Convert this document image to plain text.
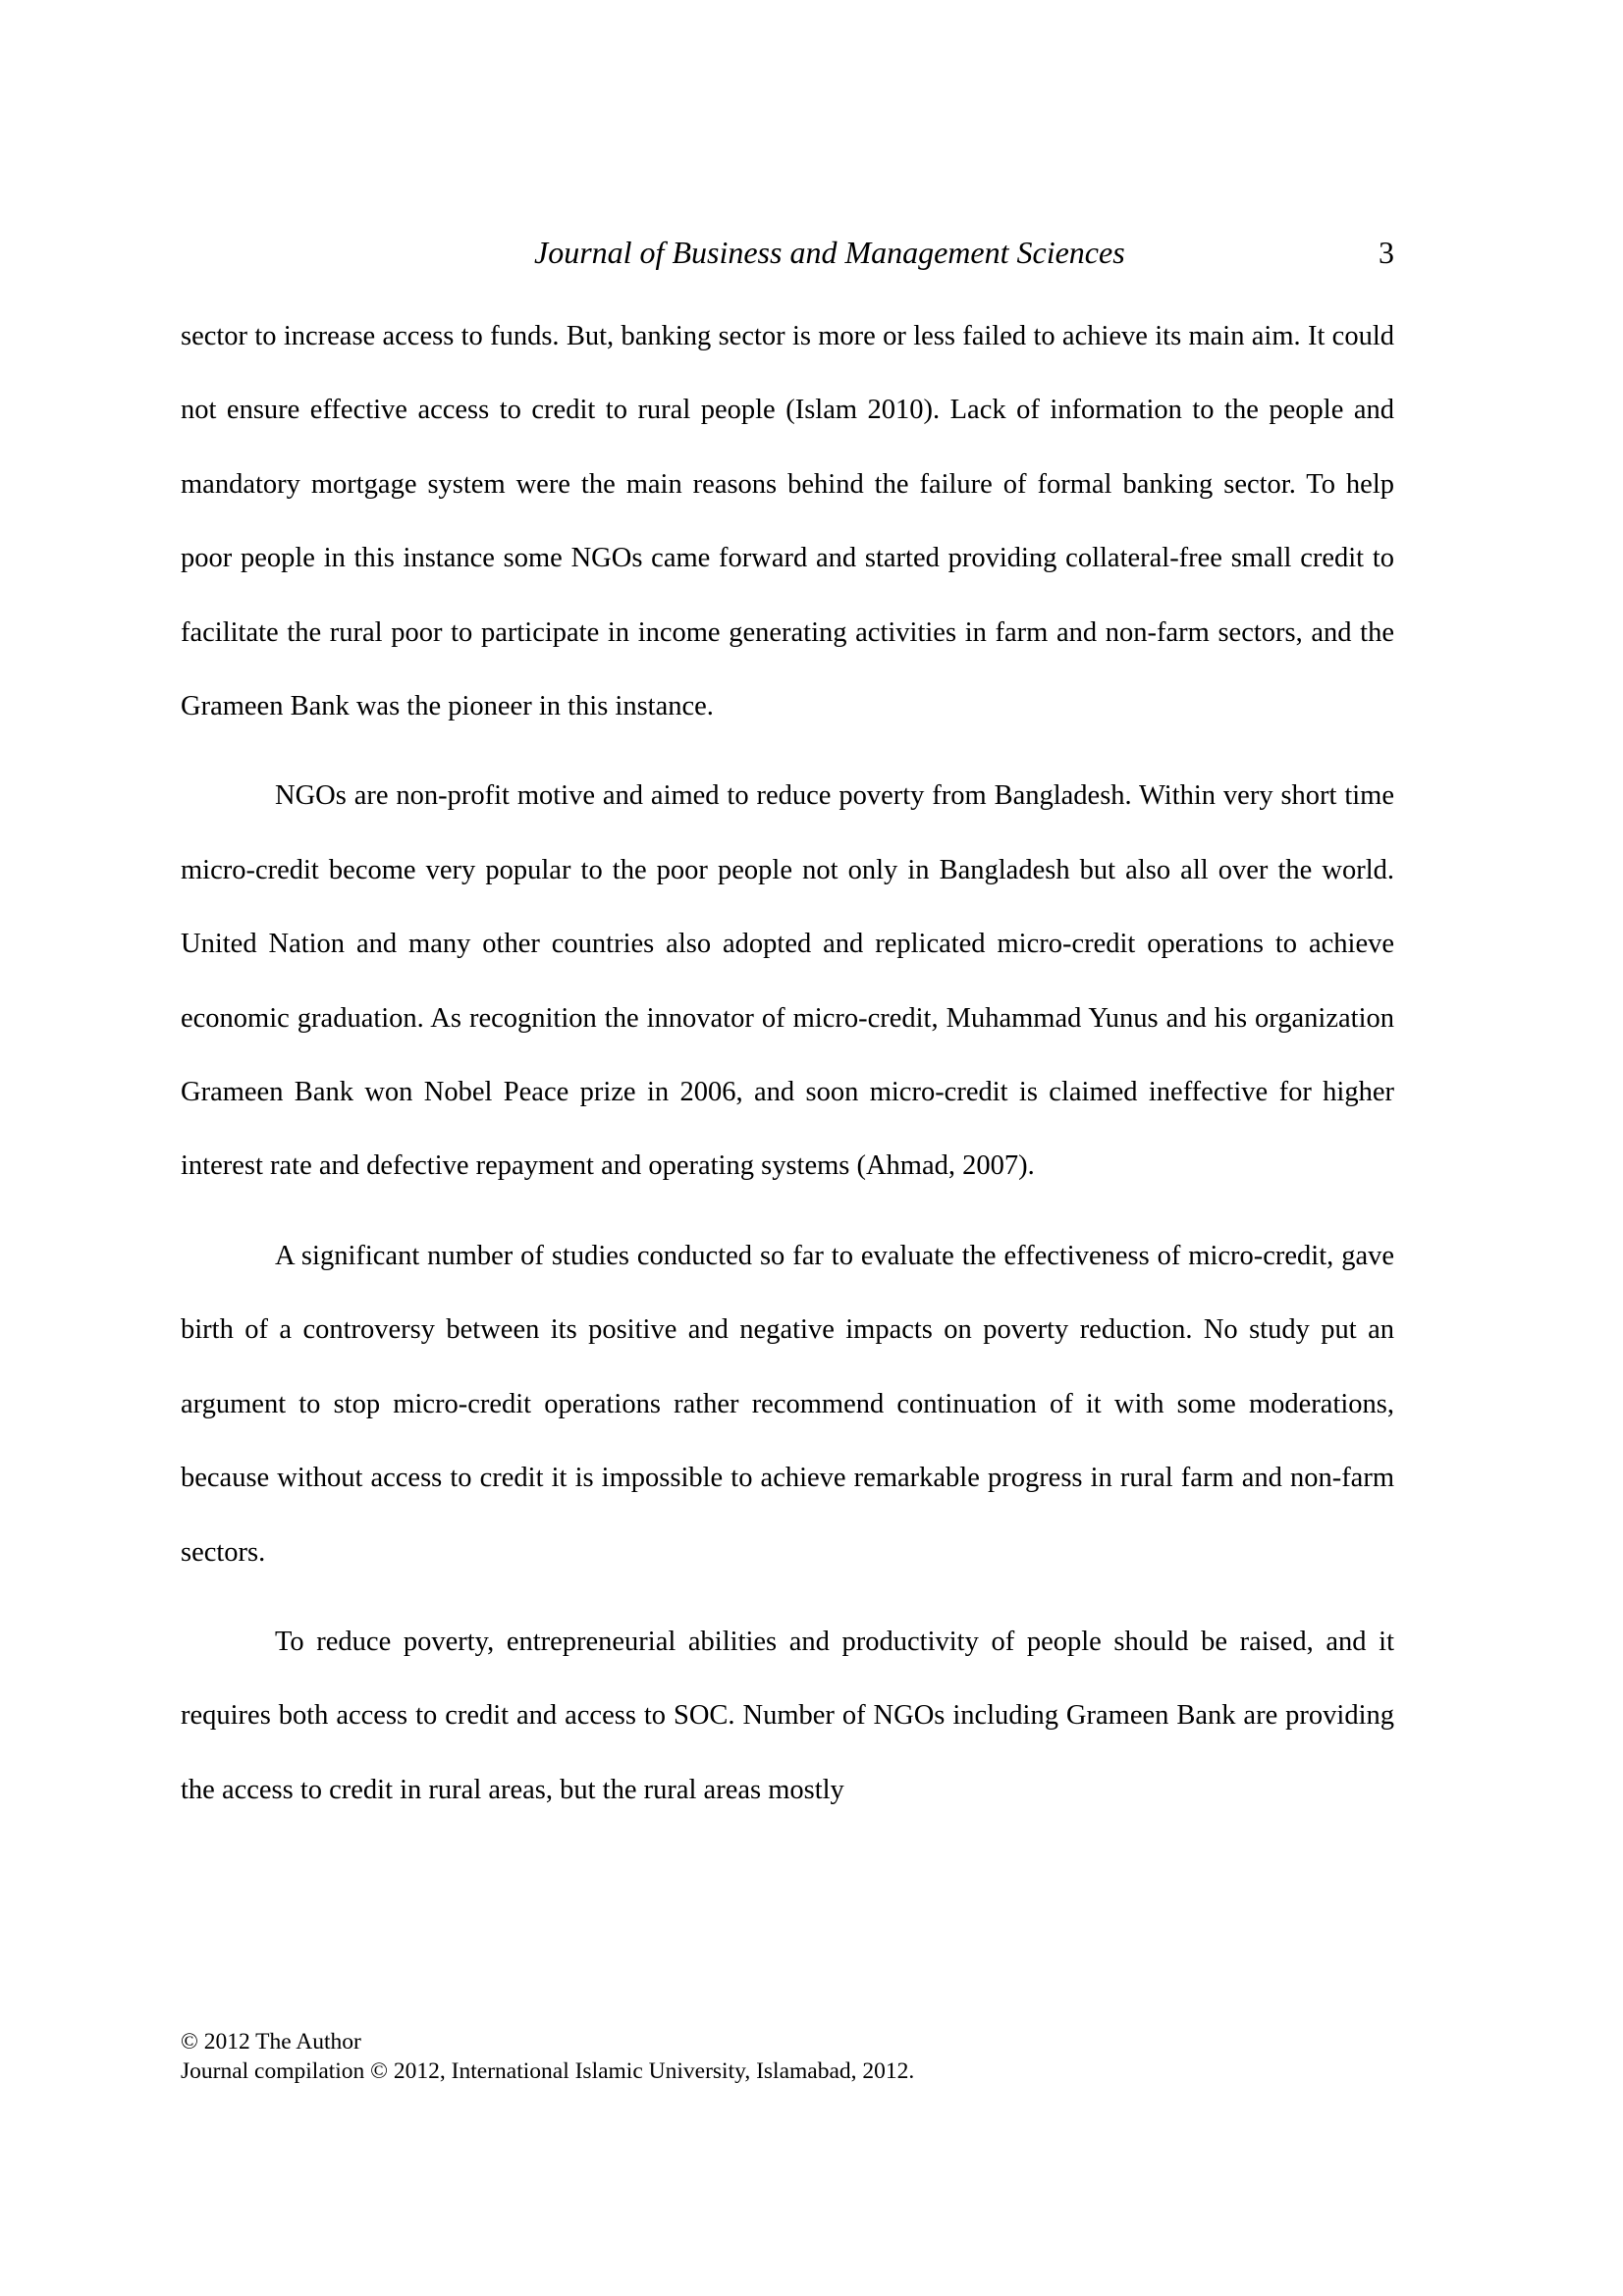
Journal of Business and Management Sciences	3

sector to increase access to funds. But, banking sector is more or less failed to achieve its main aim. It could not ensure effective access to credit to rural people (Islam 2010). Lack of information to the people and mandatory mortgage system were the main reasons behind the failure of formal banking sector. To help poor people in this instance some NGOs came forward and started providing collateral-free small credit to facilitate the rural poor to participate in income generating activities in farm and non-farm sectors, and the Grameen Bank was the pioneer in this instance.

NGOs are non-profit motive and aimed to reduce poverty from Bangladesh. Within very short time micro-credit become very popular to the poor people not only in Bangladesh but also all over the world. United Nation and many other countries also adopted and replicated micro-credit operations to achieve economic graduation. As recognition the innovator of micro-credit, Muhammad Yunus and his organization Grameen Bank won Nobel Peace prize in 2006, and soon micro-credit is claimed ineffective for higher interest rate and defective repayment and operating systems (Ahmad, 2007).

A significant number of studies conducted so far to evaluate the effectiveness of micro-credit, gave birth of a controversy between its positive and negative impacts on poverty reduction. No study put an argument to stop micro-credit operations rather recommend continuation of it with some moderations, because without access to credit it is impossible to achieve remarkable progress in rural farm and non-farm sectors.

To reduce poverty, entrepreneurial abilities and productivity of people should be raised, and it requires both access to credit and access to SOC. Number of NGOs including Grameen Bank are providing the access to credit in rural areas, but the rural areas mostly

© 2012 The Author
Journal compilation © 2012, International Islamic University, Islamabad, 2012.
